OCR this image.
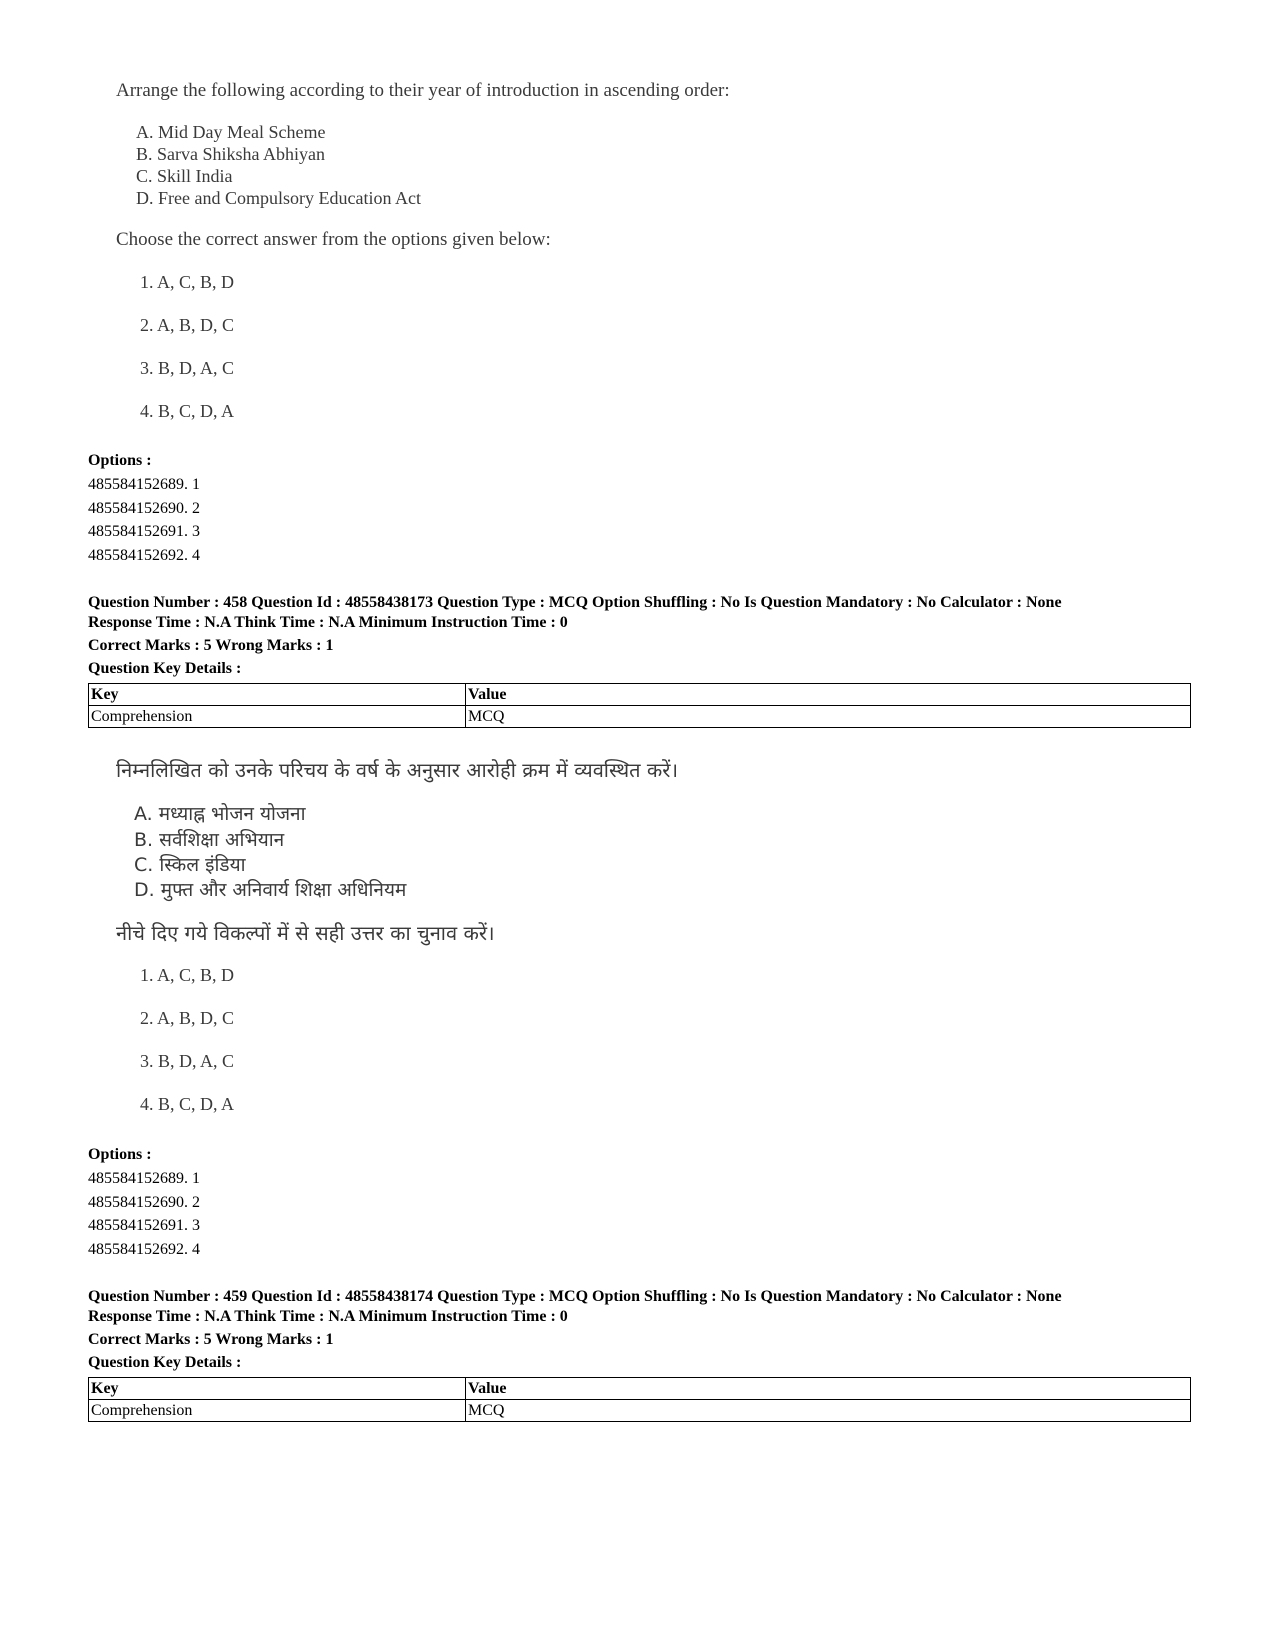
Arrange the following according to their year of introduction in ascending order:
A. Mid Day Meal Scheme
B. Sarva Shiksha Abhiyan
C. Skill India
D. Free and Compulsory Education Act
Choose the correct answer from the options given below:
1. A, C, B, D
2. A, B, D, C
3. B, D, A, C
4. B, C, D, A
Options :
485584152689. 1
485584152690. 2
485584152691. 3
485584152692. 4
Question Number : 458 Question Id : 48558438173 Question Type : MCQ Option Shuffling : No Is Question Mandatory : No Calculator : None
Response Time : N.A Think Time : N.A Minimum Instruction Time : 0
Correct Marks : 5 Wrong Marks : 1
Question Key Details :
Key	Value
Comprehension	MCQ
निम्नलिखित को उनके परिचय के वर्ष के अनुसार आरोही क्रम में व्यवस्थित करें।
A. मध्याह्न भोजन योजना
B. सर्वशिक्षा अभियान
C. स्किल इंडिया
D. मुफ्त और अनिवार्य शिक्षा अधिनियम
नीचे दिए गये विकल्पों में से सही उत्तर का चुनाव करें।
1. A, C, B, D
2. A, B, D, C
3. B, D, A, C
4. B, C, D, A
Options :
485584152689. 1
485584152690. 2
485584152691. 3
485584152692. 4
Question Number : 459 Question Id : 48558438174 Question Type : MCQ Option Shuffling : No Is Question Mandatory : No Calculator : None
Response Time : N.A Think Time : N.A Minimum Instruction Time : 0
Correct Marks : 5 Wrong Marks : 1
Question Key Details :
Key	Value
Comprehension	MCQ
